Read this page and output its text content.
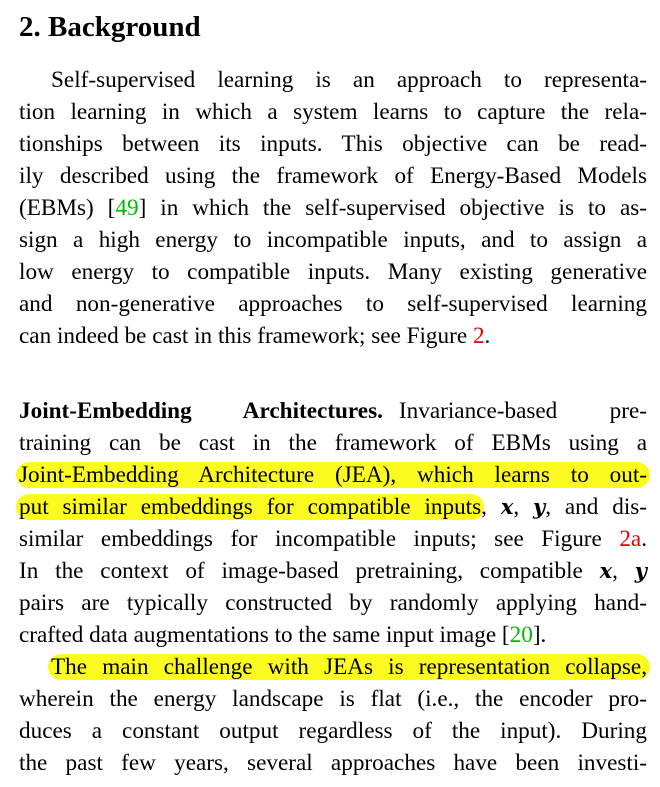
2. Background
Self-supervised learning is an approach to representa-
tion learning in which a system learns to capture the rela-
tionships between its inputs. This objective can be read-
ily described using the framework of Energy-Based Models
(EBMs) [49] in which the self-supervised objective is to as-
sign a high energy to incompatible inputs, and to assign a
low energy to compatible inputs. Many existing generative
and non-generative approaches to self-supervised learning
can indeed be cast in this framework; see Figure 2.
Joint-Embedding Architectures. Invariance-based pre-
training can be cast in the framework of EBMs using a
Joint-Embedding Architecture (JEA), which learns to out-
put similar embeddings for compatible inputs, x, y, and dis-
similar embeddings for incompatible inputs; see Figure 2a.
In the context of image-based pretraining, compatible x, y
pairs are typically constructed by randomly applying hand-
crafted data augmentations to the same input image [20].
The main challenge with JEAs is representation collapse,
wherein the energy landscape is flat (i.e., the encoder pro-
duces a constant output regardless of the input). During
the past few years, several approaches have been investi-
